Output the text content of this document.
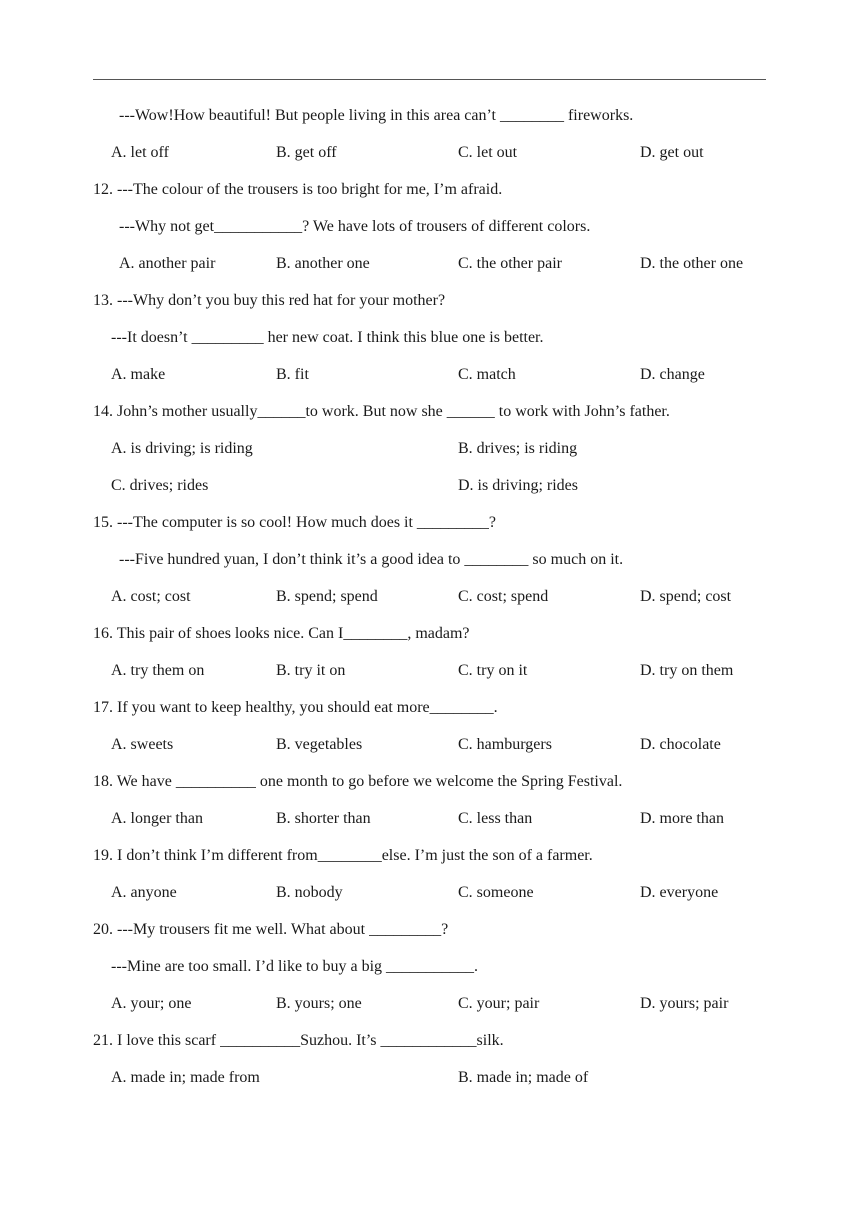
---Wow!How beautiful! But people living in this area can’t ________ fireworks.
12. ---The colour of the trousers is too bright for me, I’m afraid.
---Why not get___________? We have lots of trousers of different colors.
13. ---Why don’t you buy this red hat for your mother?
---It doesn’t _________ her new coat. I think this blue one is better.
14. John’s mother usually______to work. But now she ______ to work with John’s father.
15. ---The computer is so cool! How much does it _________?
---Five hundred yuan, I don’t think it’s a good idea to ________ so much on it.
16. This pair of shoes looks nice. Can I________, madam?
17. If you want to keep healthy, you should eat more________.
18. We have __________ one month to go before we welcome the Spring Festival.
19. I don’t think I’m different from________else. I’m just the son of a farmer.
20. ---My trousers fit me well. What about _________?
---Mine are too small. I’d like to buy a big ___________.
21. I love this scarf __________Suzhou. It’s ____________silk.
A. let off	B. get off	C. let out	D. get out
A. another pair	B. another one	C. the other pair	D. the other one
A. make	B. fit	C. match	D. change
A. is driving; is riding	B. drives; is riding
C. drives; rides	D. is driving; rides
A. cost; cost	B. spend; spend	C. cost; spend	D. spend; cost
A. try them on	B. try it on	C. try on it	D. try on them
A. sweets	B. vegetables	C. hamburgers	D. chocolate
A. longer than	B. shorter than	C. less than	D. more than
A. anyone	B. nobody	C. someone	D. everyone
A. your; one	B. yours; one	C. your; pair	D. yours; pair
A. made in; made from	B. made in; made of
